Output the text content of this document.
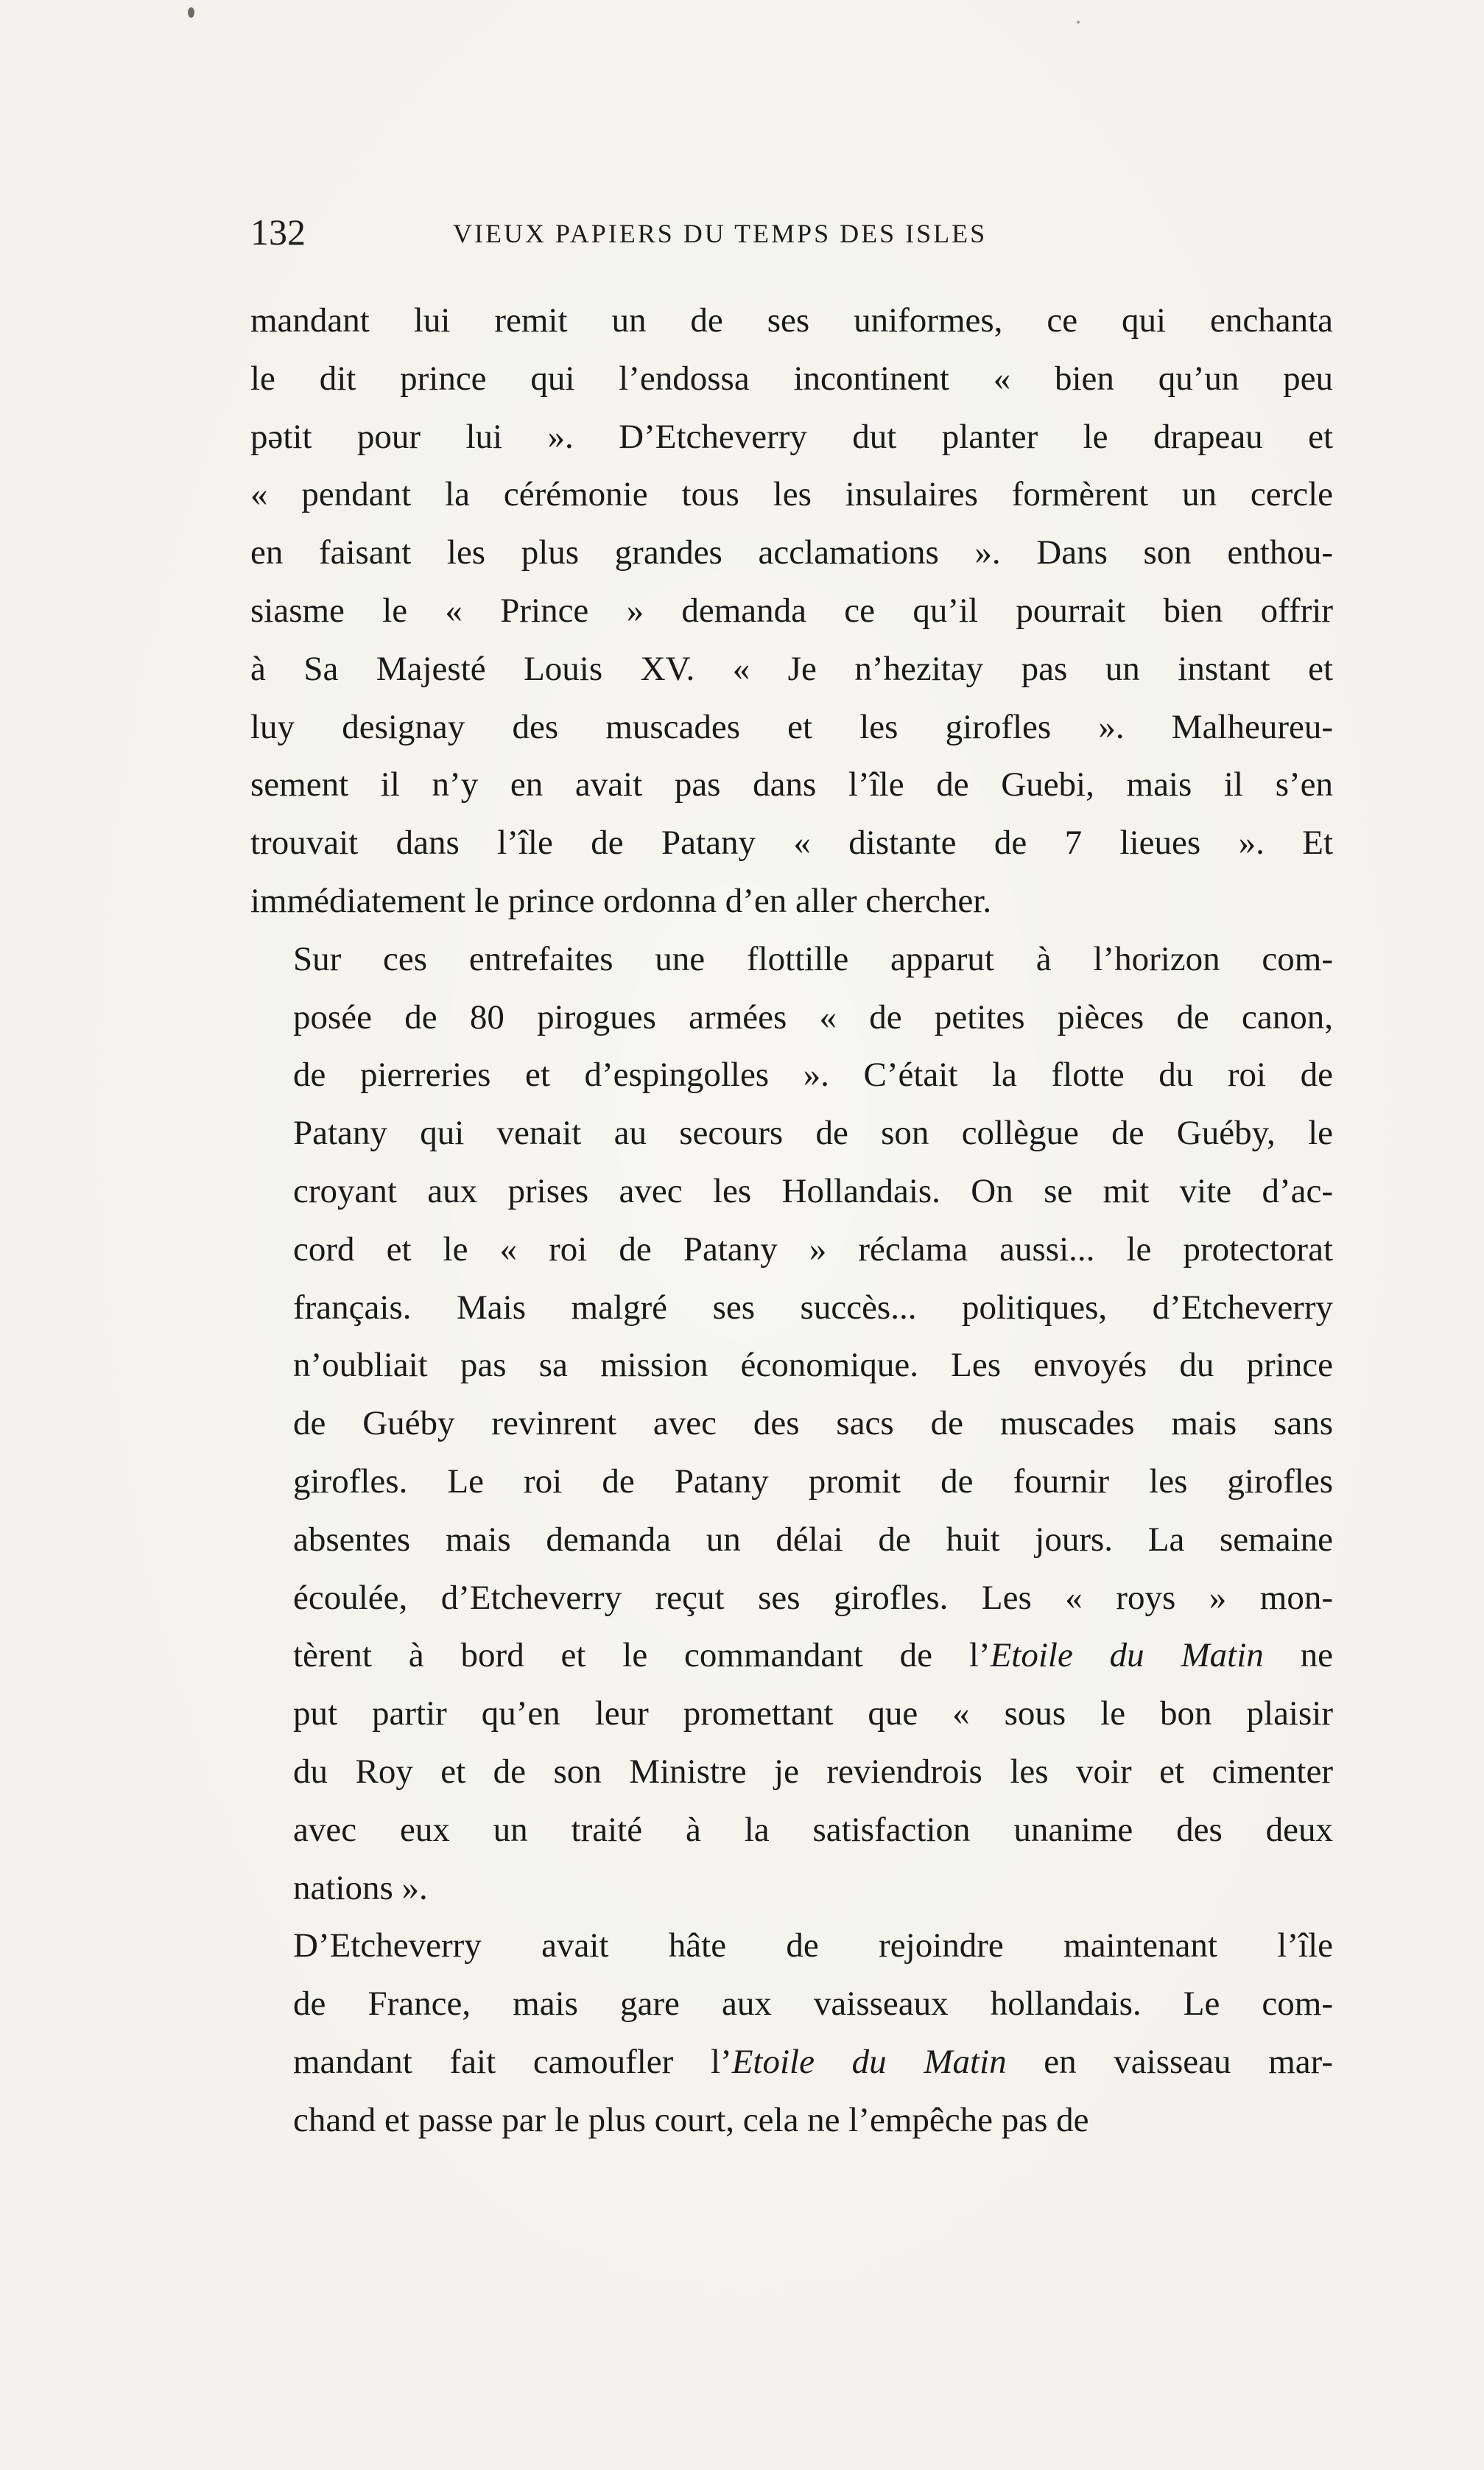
132	VIEUX PAPIERS DU TEMPS DES ISLES

mandant lui remit un de ses uniformes, ce qui enchanta
le dit prince qui l’endossa incontinent « bien qu’un peu
pətit pour lui ». D’Etcheverry dut planter le drapeau et
« pendant la cérémonie tous les insulaires formèrent un cercle
en faisant les plus grandes acclamations ». Dans son enthou-
siasme le « Prince » demanda ce qu’il pourrait bien offrir
à Sa Majesté Louis XV. « Je n’hezitay pas un instant et
luy designay des muscades et les girofles ». Malheureu-
sement il n’y en avait pas dans l’île de Guebi, mais il s’en
trouvait dans l’île de Patany « distante de 7 lieues ». Et
immédiatement le prince ordonna d’en aller chercher.

Sur ces entrefaites une flottille apparut à l’horizon com-
posée de 80 pirogues armées « de petites pièces de canon,
de pierreries et d’espingolles ». C’était la flotte du roi de
Patany qui venait au secours de son collègue de Guéby, le
croyant aux prises avec les Hollandais. On se mit vite d’ac-
cord et le « roi de Patany » réclama aussi... le protectorat
français. Mais malgré ses succès... politiques, d’Etcheverry
n’oubliait pas sa mission économique. Les envoyés du prince
de Guéby revinrent avec des sacs de muscades mais sans
girofles. Le roi de Patany promit de fournir les girofles
absentes mais demanda un délai de huit jours. La semaine
écoulée, d’Etcheverry reçut ses girofles. Les « roys » mon-
tèrent à bord et le commandant de l’Etoile du Matin ne
put partir qu’en leur promettant que « sous le bon plaisir
du Roy et de son Ministre je reviendrois les voir et cimenter
avec eux un traité à la satisfaction unanime des deux
nations ».

D’Etcheverry avait hâte de rejoindre maintenant l’île
de France, mais gare aux vaisseaux hollandais. Le com-
mandant fait camoufler l’Etoile du Matin en vaisseau mar-
chand et passe par le plus court, cela ne l’empêche pas de
